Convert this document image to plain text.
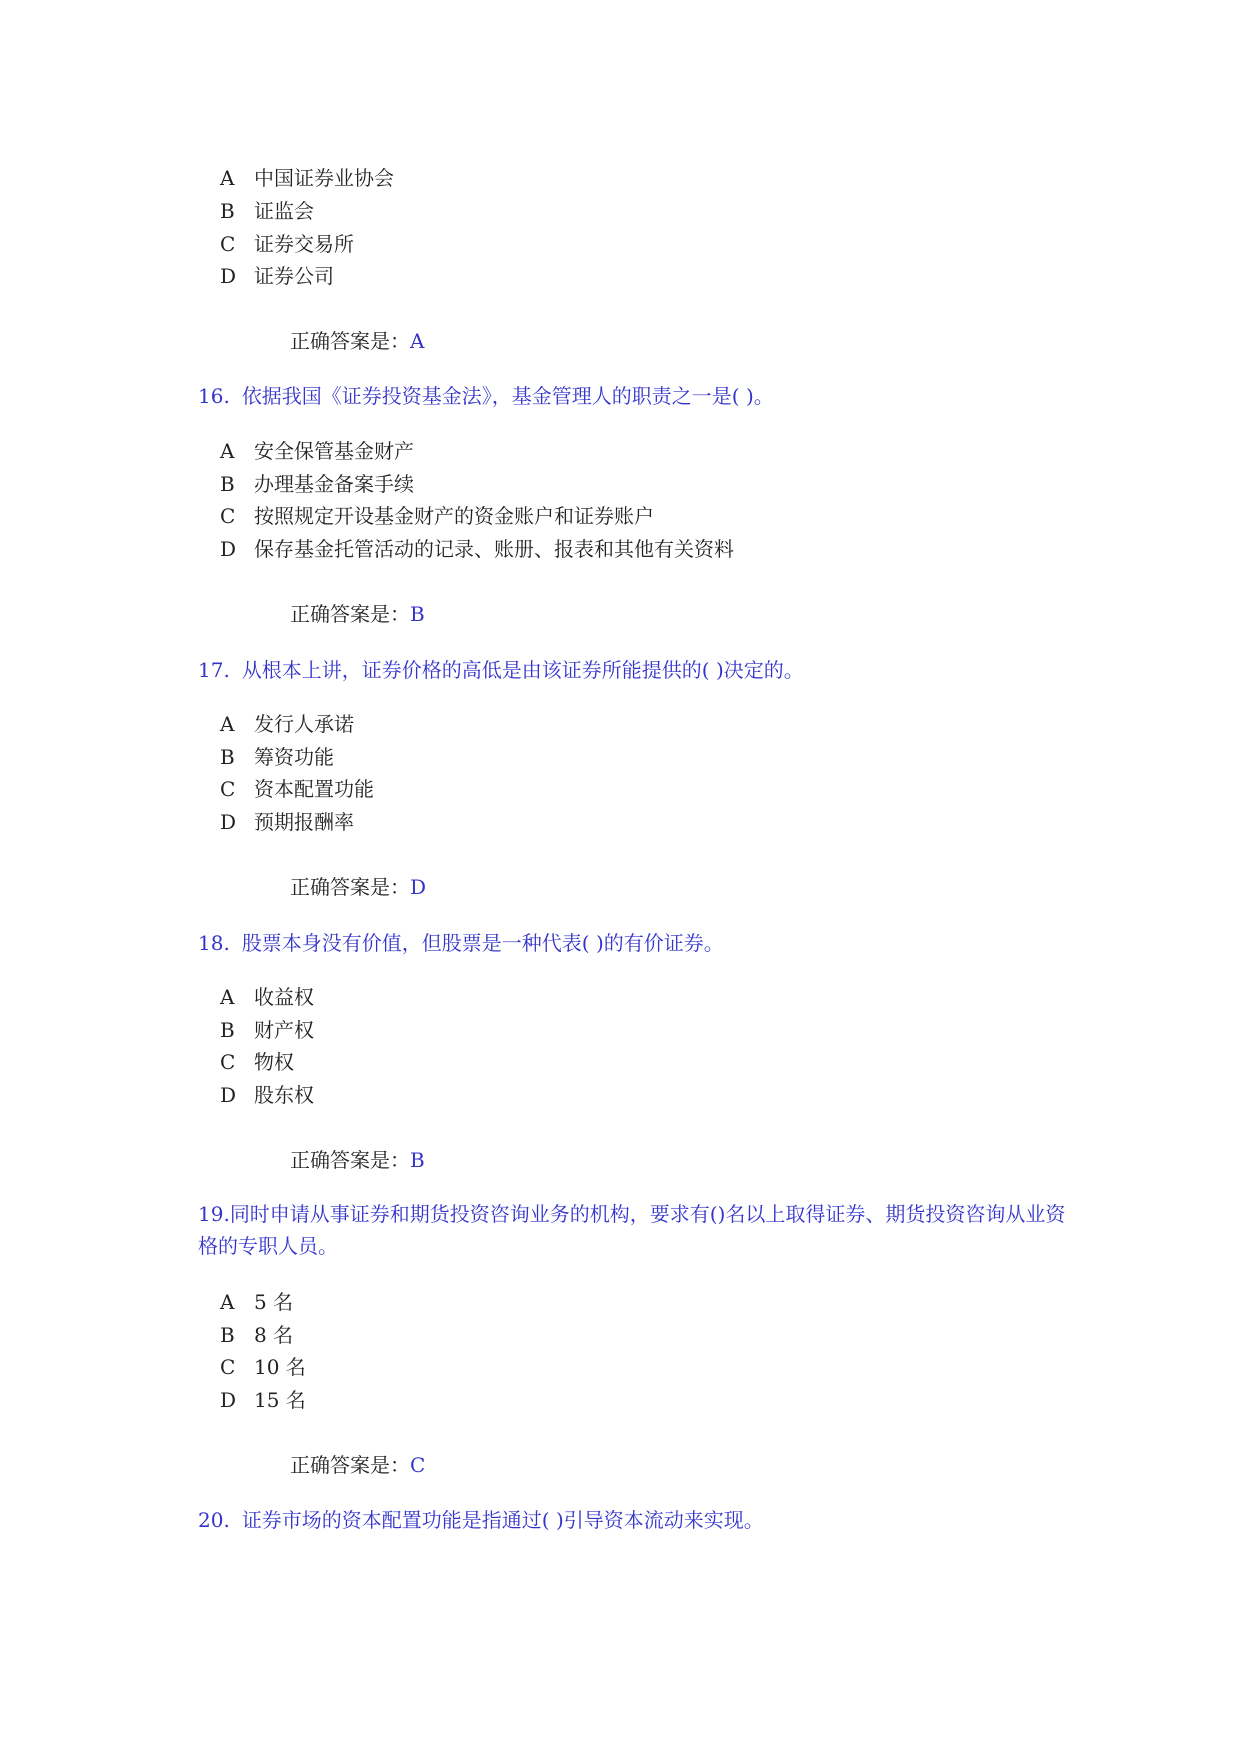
A 中国证券业协会
B 证监会
C 证券交易所
D 证券公司
正确答案是：A
16. 依据我国《证券投资基金法》，基金管理人的职责之一是( )。
A 安全保管基金财产
B 办理基金备案手续
C 按照规定开设基金财产的资金账户和证券账户
D 保存基金托管活动的记录、账册、报表和其他有关资料
正确答案是：B
17. 从根本上讲，证券价格的高低是由该证券所能提供的( )决定的。
A 发行人承诺
B 筹资功能
C 资本配置功能
D 预期报酬率
正确答案是：D
18. 股票本身没有价值，但股票是一种代表( )的有价证券。
A 收益权
B 财产权
C 物权
D 股东权
正确答案是：B
19.同时申请从事证券和期货投资咨询业务的机构，要求有()名以上取得证券、期货投资咨询从业资格的专职人员。
A 5 名
B 8 名
C 10 名
D 15 名
正确答案是：C
20. 证券市场的资本配置功能是指通过( )引导资本流动来实现。
